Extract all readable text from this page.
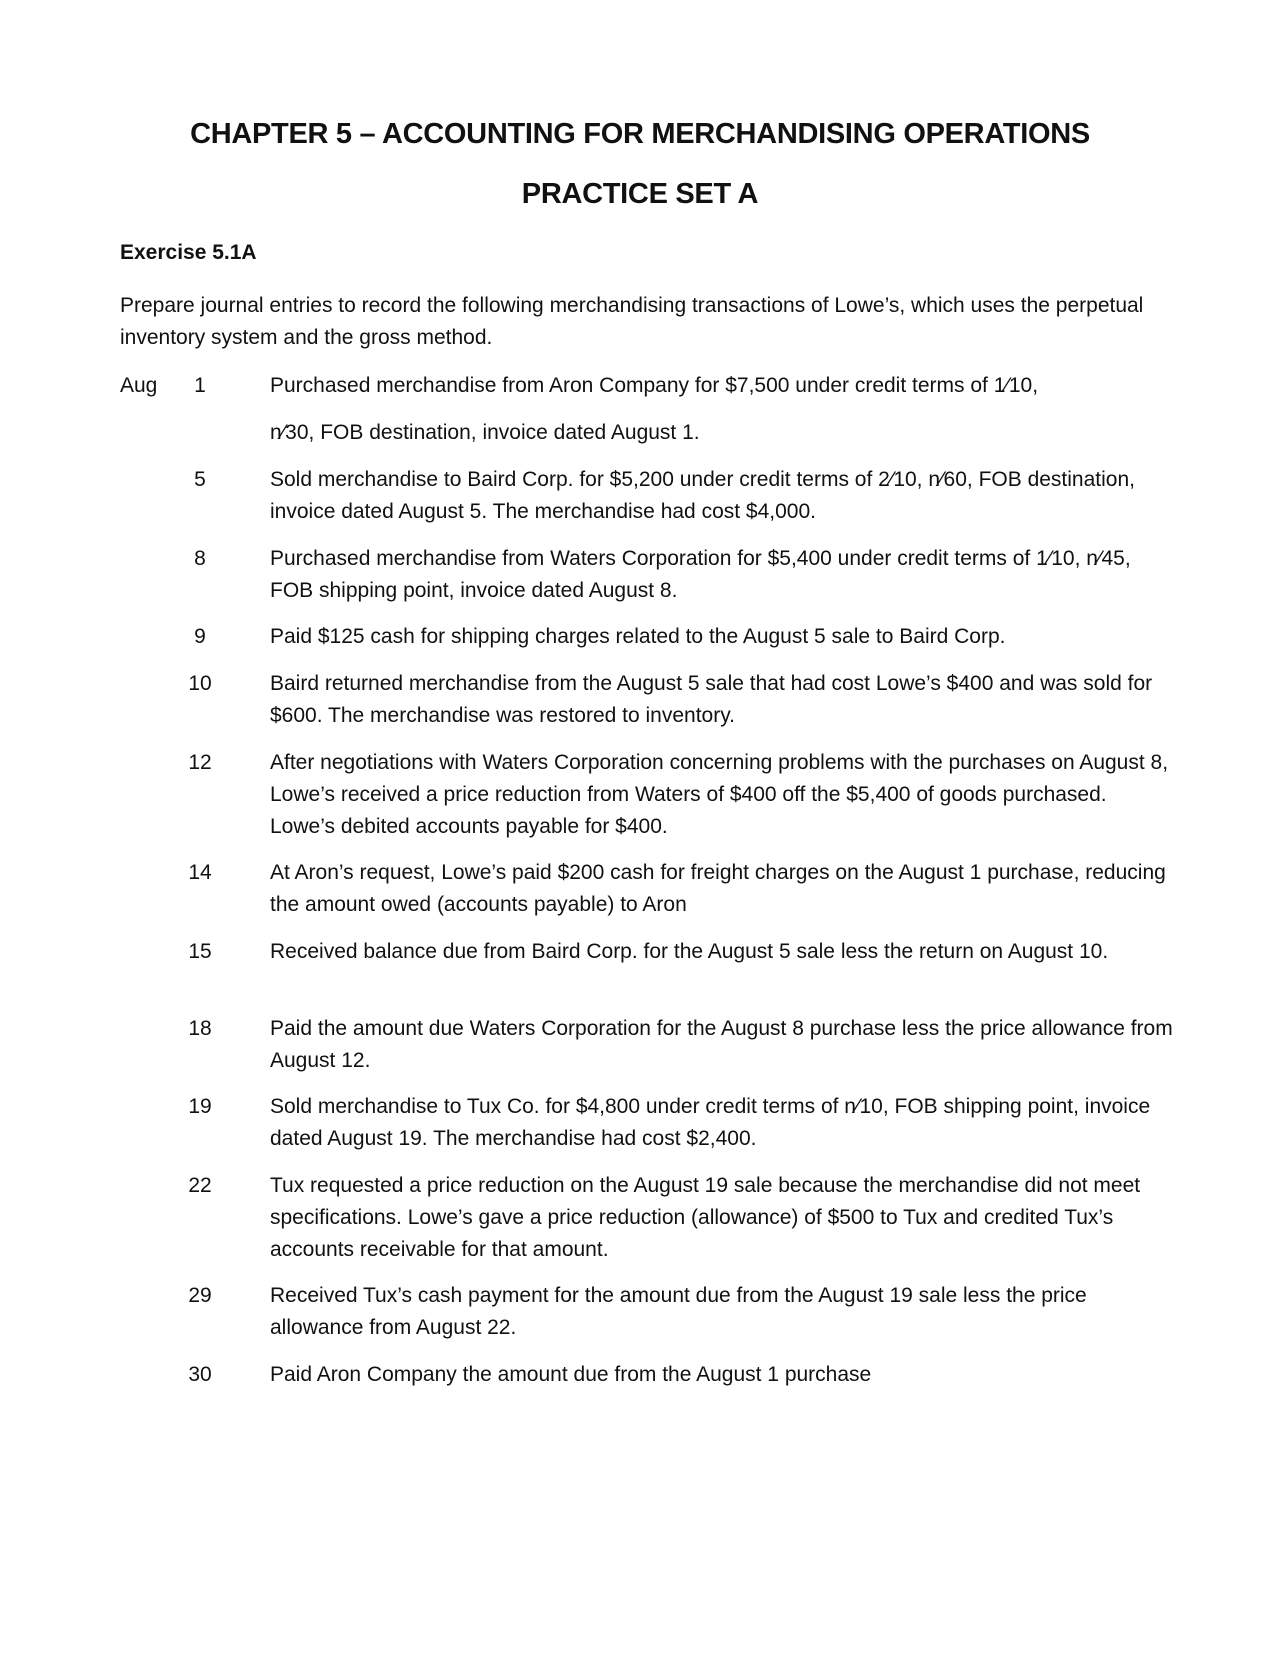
CHAPTER 5 – ACCOUNTING FOR MERCHANDISING OPERATIONS
PRACTICE SET A
Exercise 5.1A
Prepare journal entries to record the following merchandising transactions of Lowe’s, which uses the perpetual inventory system and the gross method.
Aug	1	Purchased merchandise from Aron Company for $7,500 under credit terms of 1⁄10,
n⁄30, FOB destination, invoice dated August 1.
5	Sold merchandise to Baird Corp. for $5,200 under credit terms of 2⁄10, n⁄60, FOB destination, invoice dated August 5. The merchandise had cost $4,000.
8	Purchased merchandise from Waters Corporation for $5,400 under credit terms of 1⁄10, n⁄45, FOB shipping point, invoice dated August 8.
9	Paid $125 cash for shipping charges related to the August 5 sale to Baird Corp.
10	Baird returned merchandise from the August 5 sale that had cost Lowe’s $400 and was sold for $600. The merchandise was restored to inventory.
12	After negotiations with Waters Corporation concerning problems with the purchases on August 8, Lowe’s received a price reduction from Waters of $400 off the $5,400 of goods purchased. Lowe’s debited accounts payable for $400.
14	At Aron’s request, Lowe’s paid $200 cash for freight charges on the August 1 purchase, reducing the amount owed (accounts payable) to Aron
15	Received balance due from Baird Corp. for the August 5 sale less the return on August 10.
18	Paid the amount due Waters Corporation for the August 8 purchase less the price allowance from August 12.
19	Sold merchandise to Tux Co. for $4,800 under credit terms of n⁄10, FOB shipping point, invoice dated August 19. The merchandise had cost $2,400.
22	Tux requested a price reduction on the August 19 sale because the merchandise did not meet specifications. Lowe’s gave a price reduction (allowance) of $500 to Tux and credited Tux’s accounts receivable for that amount.
29	Received Tux’s cash payment for the amount due from the August 19 sale less the price allowance from August 22.
30	Paid Aron Company the amount due from the August 1 purchase
